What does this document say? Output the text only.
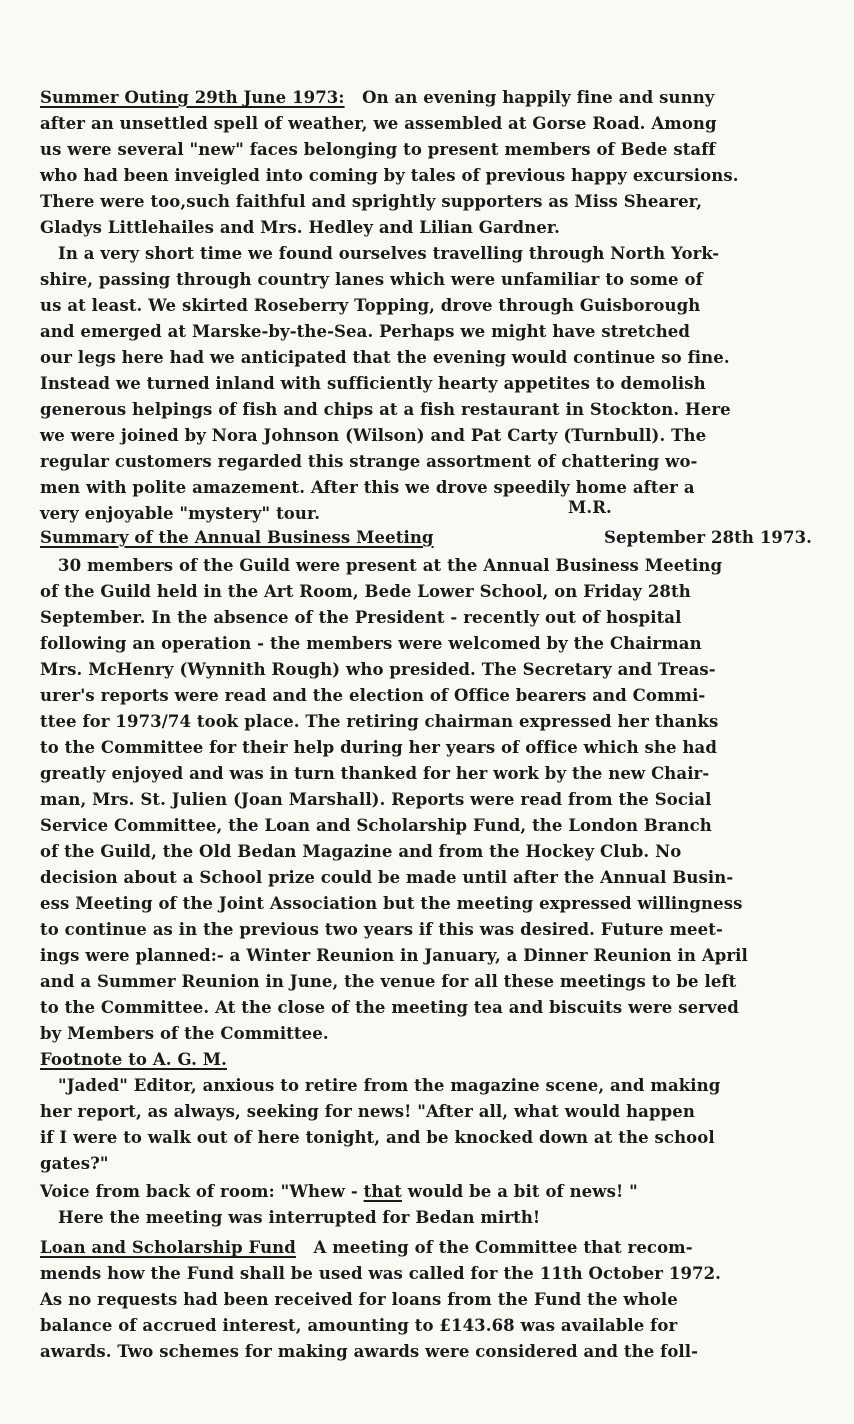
Summer Outing 29th June 1973: On an evening happily fine and sunny
after an unsettled spell of weather, we assembled at Gorse Road. Among
us were several "new" faces belonging to present members of Bede staff
who had been inveigled into coming by tales of previous happy excursions.
There were too,such faithful and sprightly supporters as Miss Shearer,
Gladys Littlehailes and Mrs. Hedley and Lilian Gardner.
In a very short time we found ourselves travelling through North York-
shire, passing through country lanes which were unfamiliar to some of
us at least. We skirted Roseberry Topping, drove through Guisborough
and emerged at Marske-by-the-Sea. Perhaps we might have stretched
our legs here had we anticipated that the evening would continue so fine.
Instead we turned inland with sufficiently hearty appetites to demolish
generous helpings of fish and chips at a fish restaurant in Stockton. Here
we were joined by Nora Johnson (Wilson) and Pat Carty (Turnbull). The
regular customers regarded this strange assortment of chattering wo-
men with polite amazement. After this we drove speedily home after a
very enjoyable "mystery" tour.	M.R.
Summary of the Annual Business Meeting	September 28th 1973.
30 members of the Guild were present at the Annual Business Meeting
of the Guild held in the Art Room, Bede Lower School, on Friday 28th
September. In the absence of the President - recently out of hospital
following an operation - the members were welcomed by the Chairman
Mrs. McHenry (Wynnith Rough) who presided. The Secretary and Treas-
urer's reports were read and the election of Office bearers and Commi-
ttee for 1973/74 took place. The retiring chairman expressed her thanks
to the Committee for their help during her years of office which she had
greatly enjoyed and was in turn thanked for her work by the new Chair-
man, Mrs. St. Julien (Joan Marshall). Reports were read from the Social
Service Committee, the Loan and Scholarship Fund, the London Branch
of the Guild, the Old Bedan Magazine and from the Hockey Club. No
decision about a School prize could be made until after the Annual Busin-
ess Meeting of the Joint Association but the meeting expressed willingness
to continue as in the previous two years if this was desired. Future meet-
ings were planned:- a Winter Reunion in January, a Dinner Reunion in April
and a Summer Reunion in June, the venue for all these meetings to be left
to the Committee. At the close of the meeting tea and biscuits were served
by Members of the Committee.
Footnote to A. G. M.
"Jaded" Editor, anxious to retire from the magazine scene, and making
her report, as always, seeking for news! "After all, what would happen
if I were to walk out of here tonight, and be knocked down at the school
gates?"
Voice from back of room: "Whew - that would be a bit of news! "
Here the meeting was interrupted for Bedan mirth!
Loan and Scholarship Fund A meeting of the Committee that recom-
mends how the Fund shall be used was called for the 11th October 1972.
As no requests had been received for loans from the Fund the whole
balance of accrued interest, amounting to £143.68 was available for
awards. Two schemes for making awards were considered and the foll-
